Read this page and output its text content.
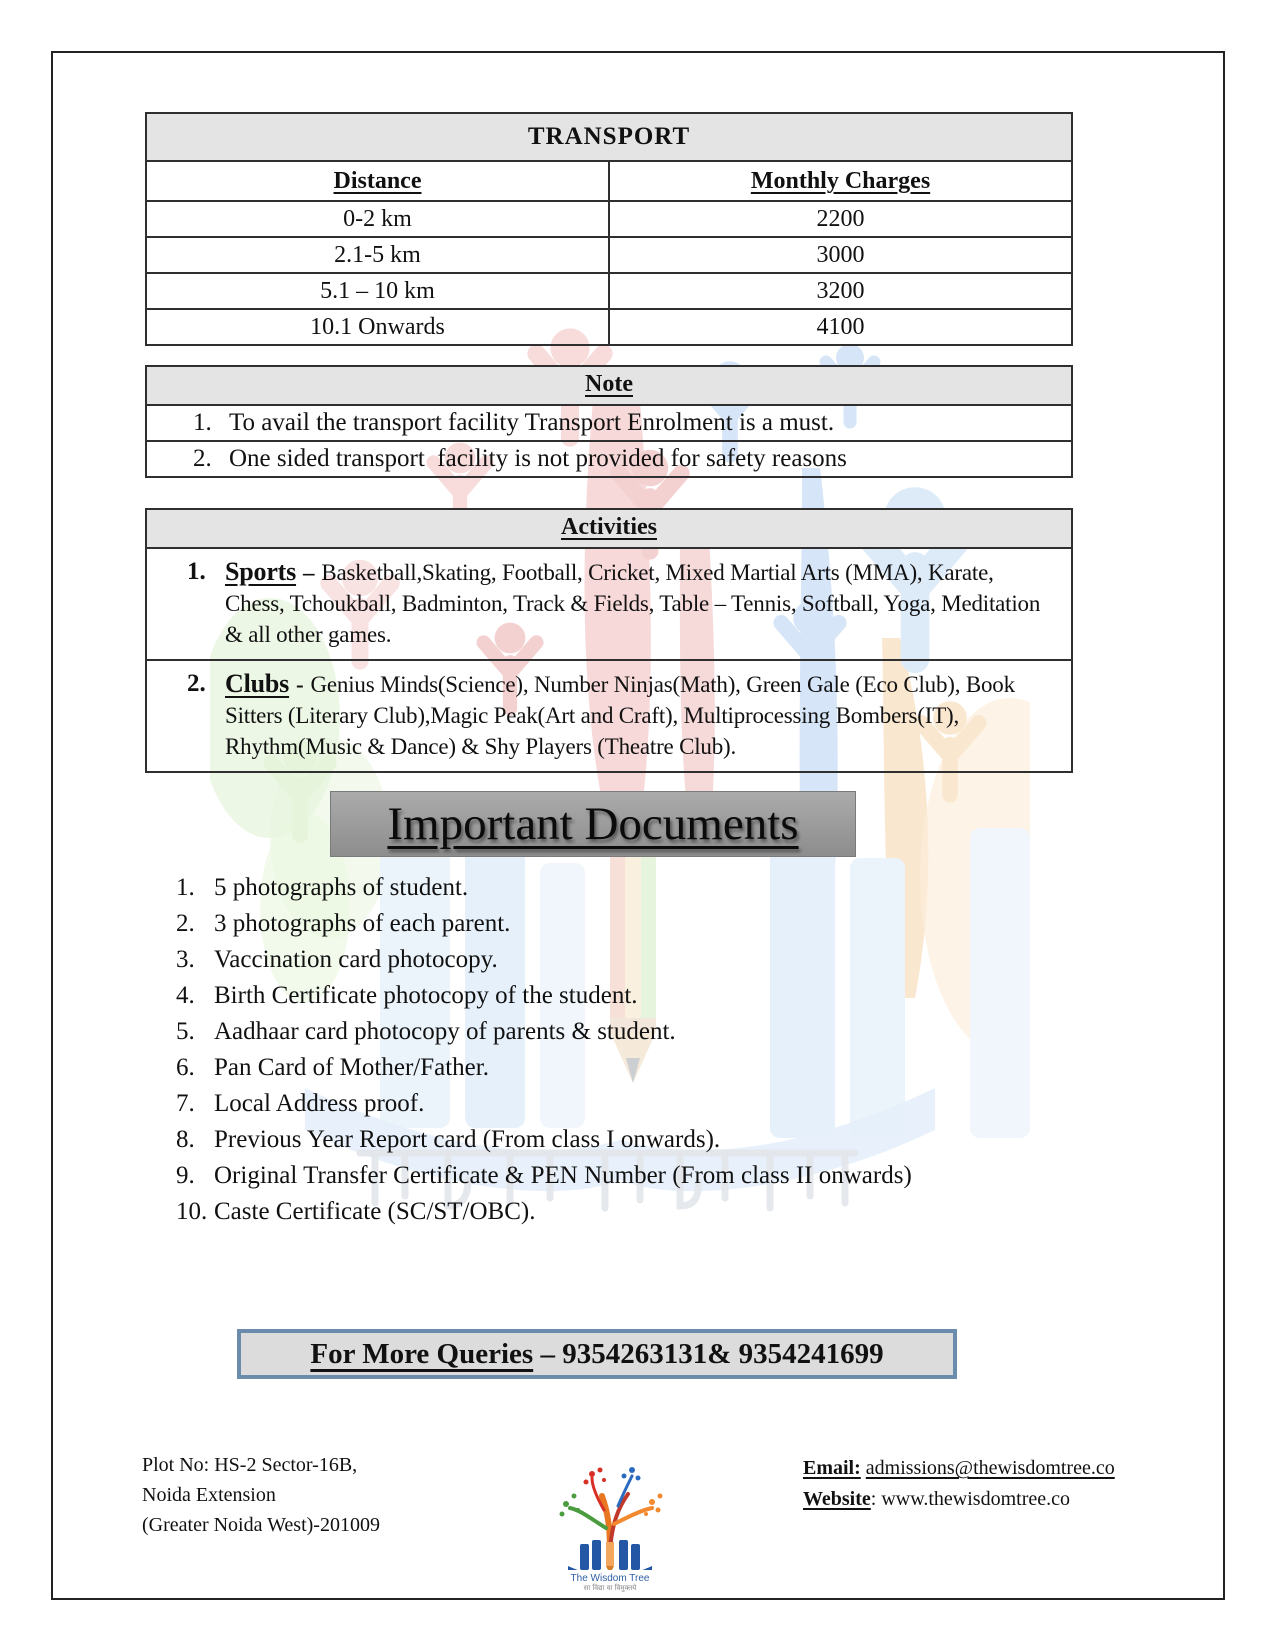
TRANSPORT	
Distance	Monthly Charges
0-2 km	2200
2.1-5 km	3000
5.1 – 10 km	3200
10.1 Onwards	4100
Note
1. To avail the transport facility Transport Enrolment is a must.
2. One sided transport  facility is not provided for safety reasons
Activities
1. Sports – Basketball,Skating, Football, Cricket, Mixed Martial Arts (MMA), Karate, Chess, Tchoukball, Badminton, Track & Fields, Table – Tennis, Softball, Yoga, Meditation & all other games.
2. Clubs - Genius Minds(Science), Number Ninjas(Math), Green Gale (Eco Club), Book Sitters (Literary Club),Magic Peak(Art and Craft), Multiprocessing Bombers(IT), Rhythm(Music & Dance) & Shy Players (Theatre Club).
Important Documents
1. 5 photographs of student.
2. 3 photographs of each parent.
3. Vaccination card photocopy.
4. Birth Certificate photocopy of the student.
5. Aadhaar card photocopy of parents & student.
6. Pan Card of Mother/Father.
7. Local Address proof.
8. Previous Year Report card (From class I onwards).
9. Original Transfer Certificate & PEN Number (From class II onwards)
10. Caste Certificate (SC/ST/OBC).
For More Queries – 9354263131& 9354241699
Plot No: HS-2 Sector-16B,
Noida Extension
(Greater Noida West)-201009
Email: admissions@thewisdomtree.co
Website: www.thewisdomtree.co
The Wisdom Tree
सा विद्या या विमुक्तये
